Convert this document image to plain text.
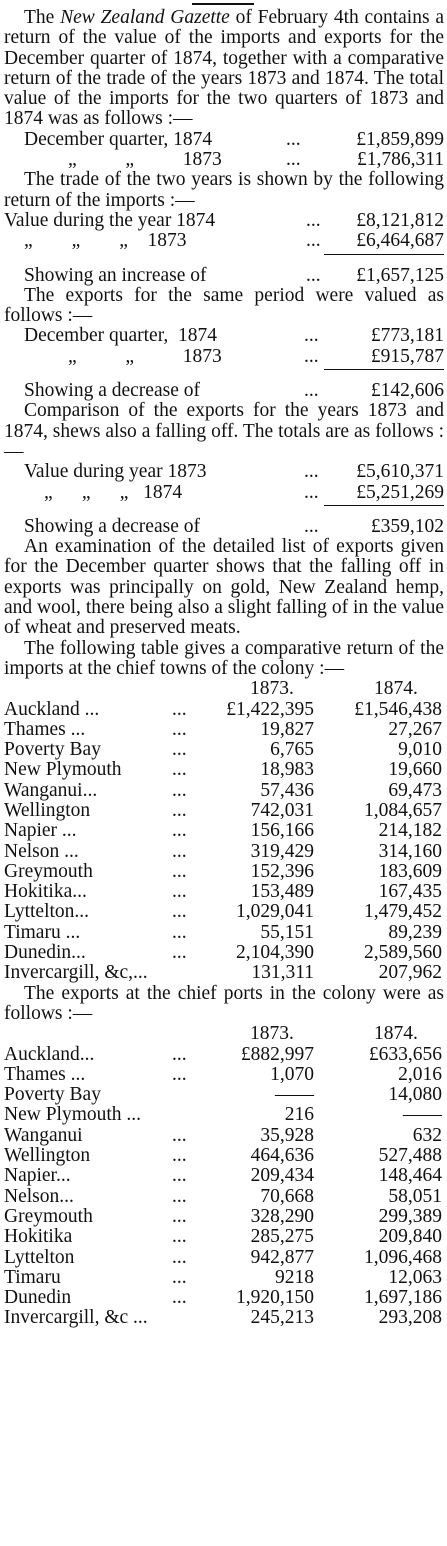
The New Zealand Gazette of February 4th contains a return of the value of the imports and exports for the December quarter of 1874, together with a comparative return of the trade of the years 1873 and 1874. The total value of the imports for the two quarters of 1873 and 1874 was as follows :—

December quarter, 1874	...	£1,859,899
„          „          1873	...	£1,786,311

The trade of the two years is shown by the following return of the imports :—

Value during the year 1874	... £8,121,812
„        „        „    1873	... £6,464,687
Showing an increase of	... £1,657,125

The exports for the same period were valued as follows :—

December quarter,  1874	...	£773,181
„          „          1873	...	£915,787
Showing a decrease of	...	£142,606

Comparison of the exports for the years 1873 and 1874, shews also a falling off. The totals are as follows :—

Value during year 1873	... £5,610,371
„      „      „   1874	... £5,251,269
Showing a decrease of	...	£359,102

An examination of the detailed list of exports given for the December quarter shows that the falling off in exports was principally on gold, New Zealand hemp, and wool, there being also a slight falling of in the value of wheat and preserved meats.

The following table gives a comparative return of the imports at the chief towns of the colony :—

1873.	1874.
Auckland ...	... £1,422,395 £1,546,438
Thames ...	...	19,827	27,267
Poverty Bay	...	6,765	9,010
New Plymouth	...	18,983	19,660
Wanganui...	...	57,436	69,473
Wellington	...	742,031	1,084,657
Napier ...	...	156,166	214,182
Nelson ...	...	319,429	314,160
Greymouth	...	152,396	183,609
Hokitika...	...	153,489	167,435
Lyttelton...	...	1,029,041	1,479,452
Timaru ...	...	55,151	89,239
Dunedin...	...	2,104,390	2,589,560
Invercargill, &c,...	131,311	207,962

The exports at the chief ports in the colony were as follows :—

1873.	1874.
Auckland...	...	£882,997	£633,656
Thames ...	...	1,070	2,016
Poverty Bay	——	14,080
New Plymouth ...	216	——
Wanganui	...	35,928	632
Wellington	...	464,636	527,488
Napier...	...	209,434	148,464
Nelson...	...	70,668	58,051
Greymouth	...	328,290	299,389
Hokitika	...	285,275	209,840
Lyttelton	...	942,877	1,096,468
Timaru	...	9218	12,063
Dunedin	...	1,920,150	1,697,186
Invercargill, &c ...	245,213	293,208
